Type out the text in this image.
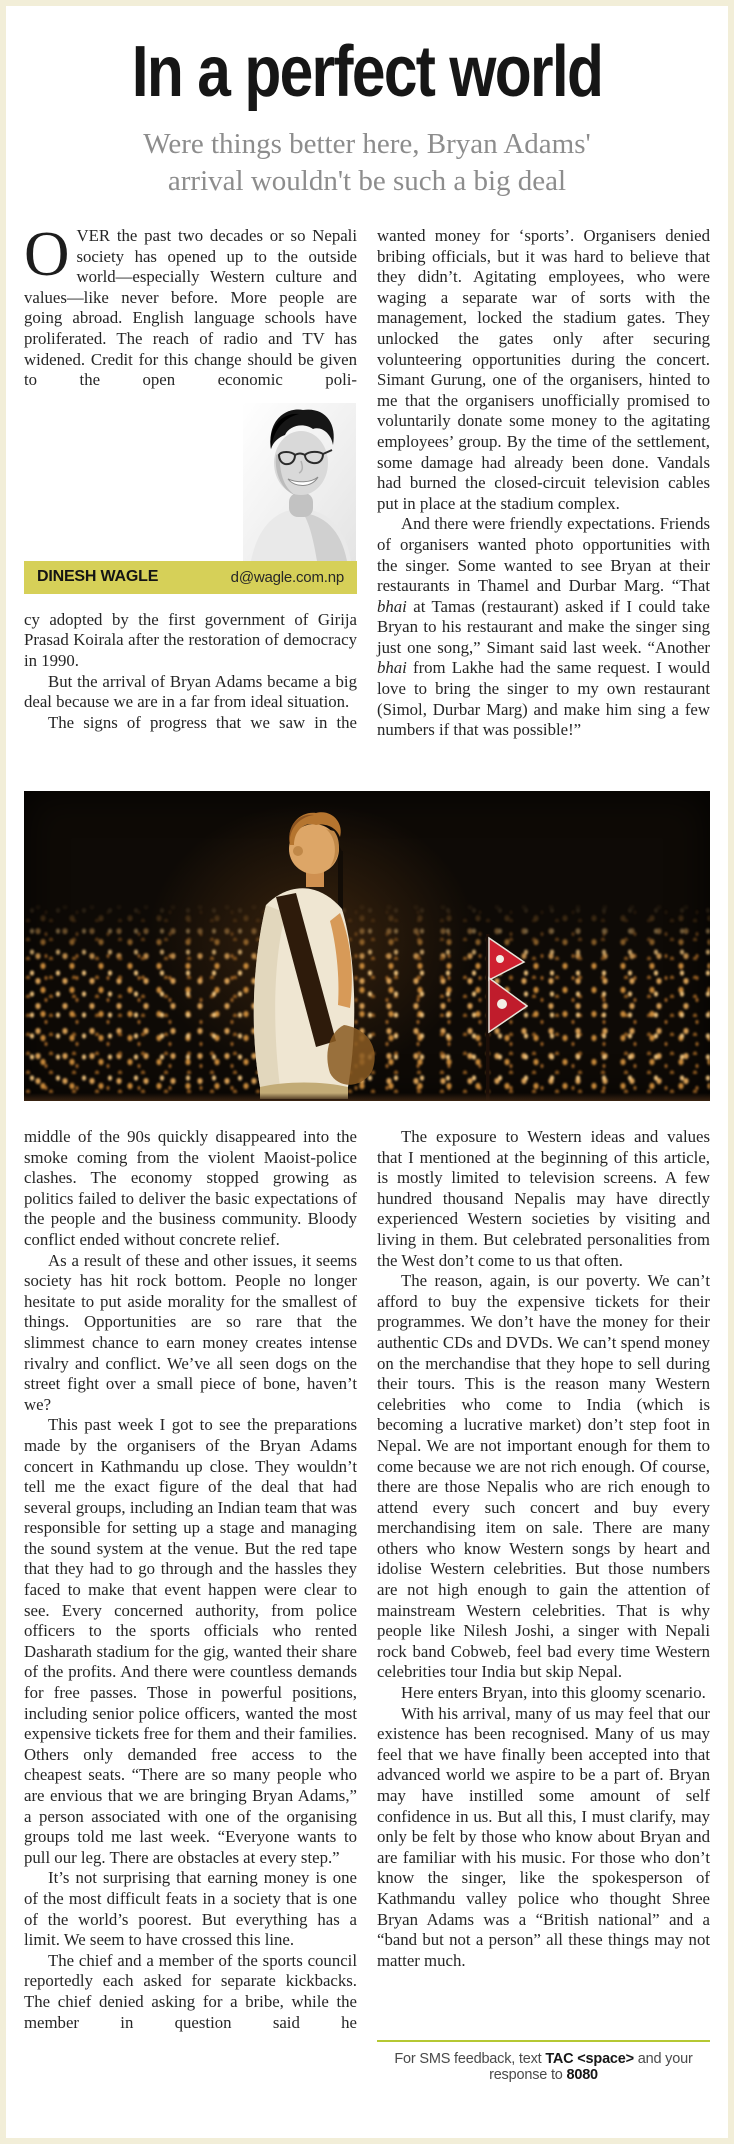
In a perfect world
Were things better here, Bryan Adams'
arrival wouldn't be such a big deal

OVER the past two decades or so Nepali society has opened up to the outside world—especially Western culture and values—like never before. More people are going abroad. English language schools have proliferated. The reach of radio and TV has widened. Credit for this change should be given to the open economic poli-

DINESH WAGLE	d@wagle.com.np

cy adopted by the first government of Girija Prasad Koirala after the restoration of democracy in 1990.

But the arrival of Bryan Adams became a big deal because we are in a far from ideal situation.

The signs of progress that we saw in the

wanted money for ‘sports’. Organisers denied bribing officials, but it was hard to believe that they didn’t. Agitating employees, who were waging a separate war of sorts with the management, locked the stadium gates. They unlocked the gates only after securing volunteering opportunities during the concert. Simant Gurung, one of the organisers, hinted to me that the organisers unofficially promised to voluntarily donate some money to the agitating employees’ group. By the time of the settlement, some damage had already been done. Vandals had burned the closed-circuit television cables put in place at the stadium complex.

And there were friendly expectations. Friends of organisers wanted photo opportunities with the singer. Some wanted to see Bryan at their restaurants in Thamel and Durbar Marg. “That bhai at Tamas (restaurant) asked if I could take Bryan to his restaurant and make the singer sing just one song,” Simant said last week. “Another bhai from Lakhe had the same request. I would love to bring the singer to my own restaurant (Simol, Durbar Marg) and make him sing a few numbers if that was possible!”

middle of the 90s quickly disappeared into the smoke coming from the violent Maoist-police clashes. The economy stopped growing as politics failed to deliver the basic expectations of the people and the business community. Bloody conflict ended without concrete relief.

As a result of these and other issues, it seems society has hit rock bottom. People no longer hesitate to put aside morality for the smallest of things. Opportunities are so rare that the slimmest chance to earn money creates intense rivalry and conflict. We’ve all seen dogs on the street fight over a small piece of bone, haven’t we?

This past week I got to see the preparations made by the organisers of the Bryan Adams concert in Kathmandu up close. They wouldn’t tell me the exact figure of the deal that had several groups, including an Indian team that was responsible for setting up a stage and managing the sound system at the venue. But the red tape that they had to go through and the hassles they faced to make that event happen were clear to see. Every concerned authority, from police officers to the sports officials who rented Dasharath stadium for the gig, wanted their share of the profits. And there were countless demands for free passes. Those in powerful positions, including senior police officers, wanted the most expensive tickets free for them and their families. Others only demanded free access to the cheapest seats. “There are so many people who are envious that we are bringing Bryan Adams,” a person associated with one of the organising groups told me last week. “Everyone wants to pull our leg. There are obstacles at every step.”

It’s not surprising that earning money is one of the most difficult feats in a society that is one of the world’s poorest. But everything has a limit. We seem to have crossed this line.

The chief and a member of the sports council reportedly each asked for separate kickbacks. The chief denied asking for a bribe, while the member in question said he

The exposure to Western ideas and values that I mentioned at the beginning of this article, is mostly limited to television screens. A few hundred thousand Nepalis may have directly experienced Western societies by visiting and living in them. But celebrated personalities from the West don’t come to us that often.

The reason, again, is our poverty. We can’t afford to buy the expensive tickets for their programmes. We don’t have the money for their authentic CDs and DVDs. We can’t spend money on the merchandise that they hope to sell during their tours. This is the reason many Western celebrities who come to India (which is becoming a lucrative market) don’t step foot in Nepal. We are not important enough for them to come because we are not rich enough. Of course, there are those Nepalis who are rich enough to attend every such concert and buy every merchandising item on sale. There are many others who know Western songs by heart and idolise Western celebrities. But those numbers are not high enough to gain the attention of mainstream Western celebrities. That is why people like Nilesh Joshi, a singer with Nepali rock band Cobweb, feel bad every time Western celebrities tour India but skip Nepal.

Here enters Bryan, into this gloomy scenario.

With his arrival, many of us may feel that our existence has been recognised. Many of us may feel that we have finally been accepted into that advanced world we aspire to be a part of. Bryan may have instilled some amount of self confidence in us. But all this, I must clarify, may only be felt by those who know about Bryan and are familiar with his music. For those who don’t know the singer, like the spokesperson of Kathmandu valley police who thought Shree Bryan Adams was a “British national” and a “band but not a person” all these things may not matter much.

For SMS feedback, text TAC <space> and your response to 8080
